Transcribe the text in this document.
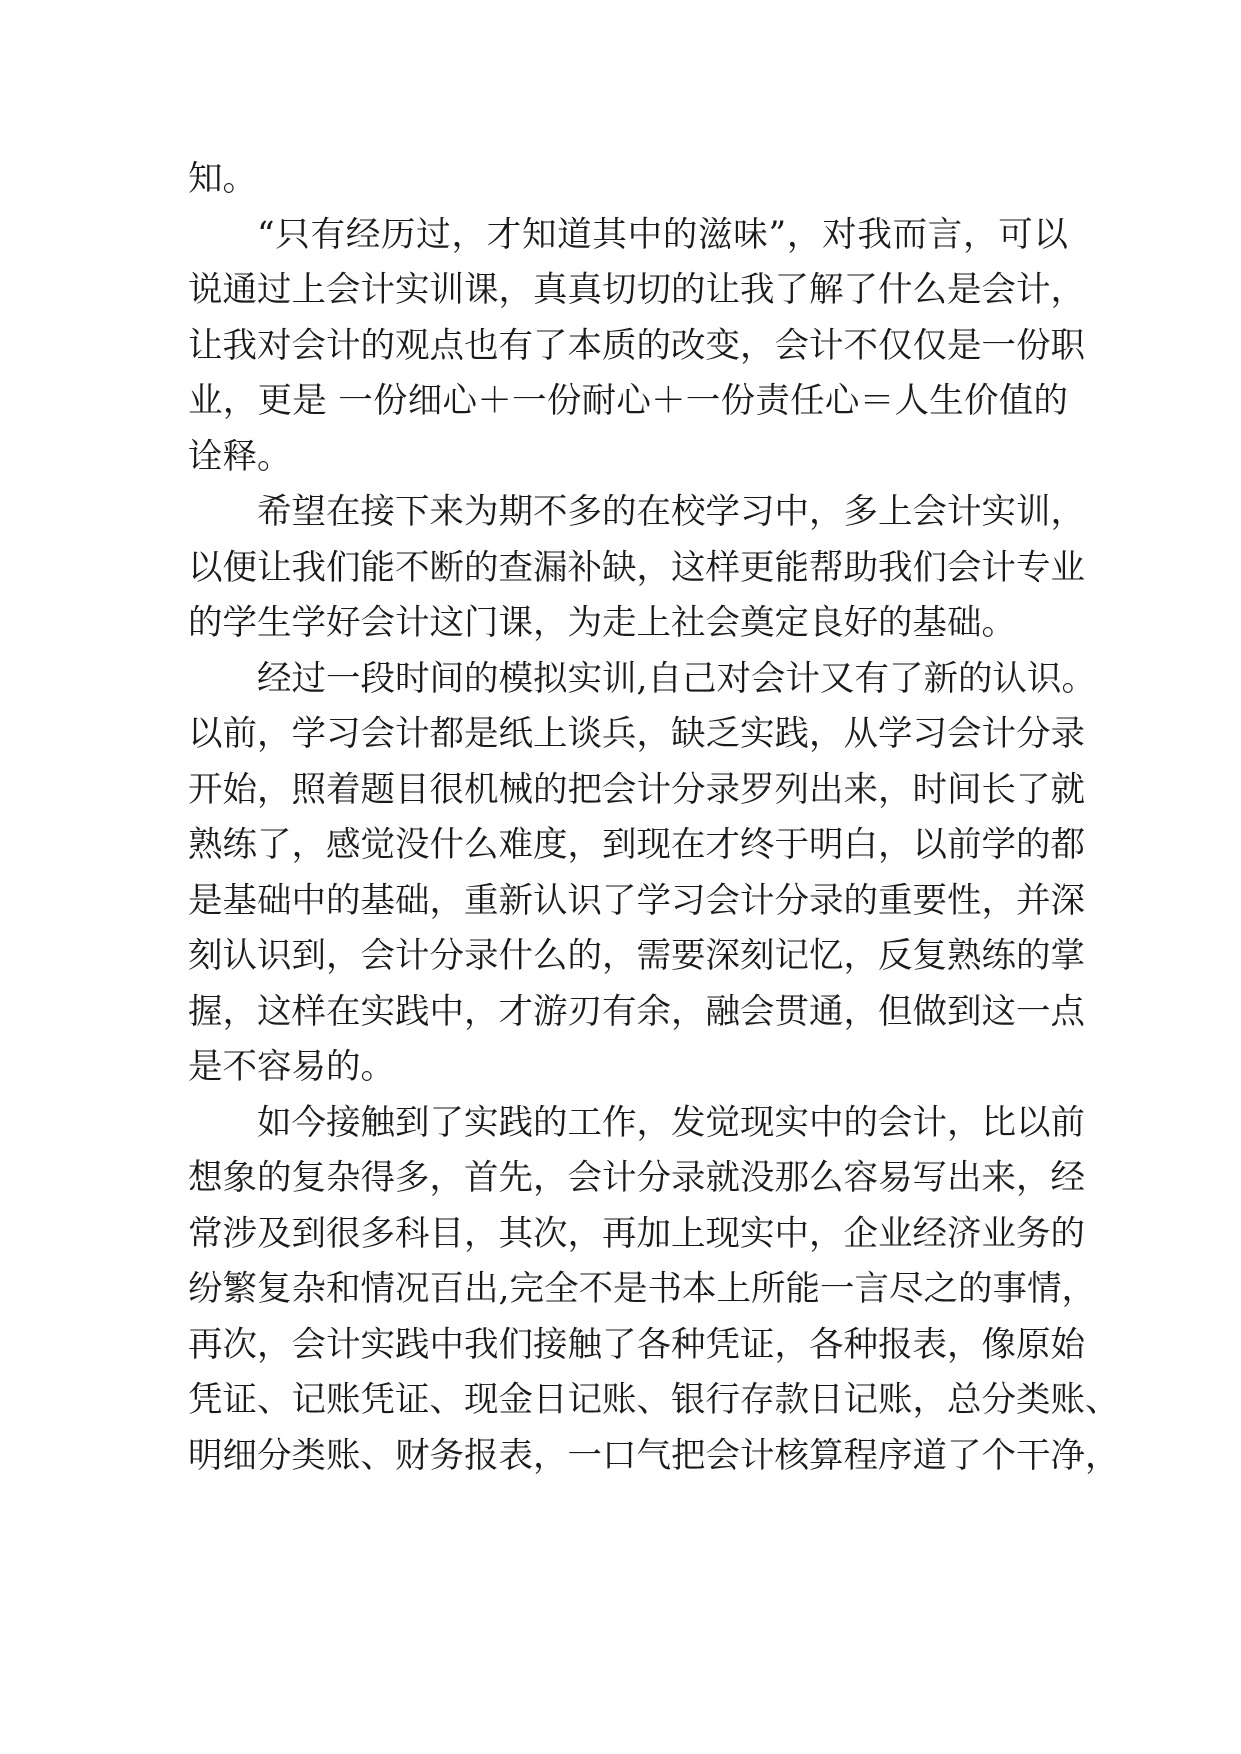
知。
“只有经历过，才知道其中的滋味”，对我而言，可以
说通过上会计实训课，真真切切的让我了解了什么是会计，
让我对会计的观点也有了本质的改变，会计不仅仅是一份职
业，更是 一份细心＋一份耐心＋一份责任心＝人生价值的
诠释。
希望在接下来为期不多的在校学习中，多上会计实训，
以便让我们能不断的查漏补缺，这样更能帮助我们会计专业
的学生学好会计这门课，为走上社会奠定良好的基础。
经过一段时间的模拟实训,自己对会计又有了新的认识。
以前，学习会计都是纸上谈兵，缺乏实践，从学习会计分录
开始，照着题目很机械的把会计分录罗列出来，时间长了就
熟练了，感觉没什么难度，到现在才终于明白，以前学的都
是基础中的基础，重新认识了学习会计分录的重要性，并深
刻认识到，会计分录什么的，需要深刻记忆，反复熟练的掌
握，这样在实践中，才游刃有余，融会贯通，但做到这一点
是不容易的。
如今接触到了实践的工作，发觉现实中的会计，比以前
想象的复杂得多，首先，会计分录就没那么容易写出来，经
常涉及到很多科目，其次，再加上现实中，企业经济业务的
纷繁复杂和情况百出,完全不是书本上所能一言尽之的事情，
再次，会计实践中我们接触了各种凭证，各种报表，像原始
凭证、记账凭证、现金日记账、银行存款日记账，总分类账、
明细分类账、财务报表，一口气把会计核算程序道了个干净，
